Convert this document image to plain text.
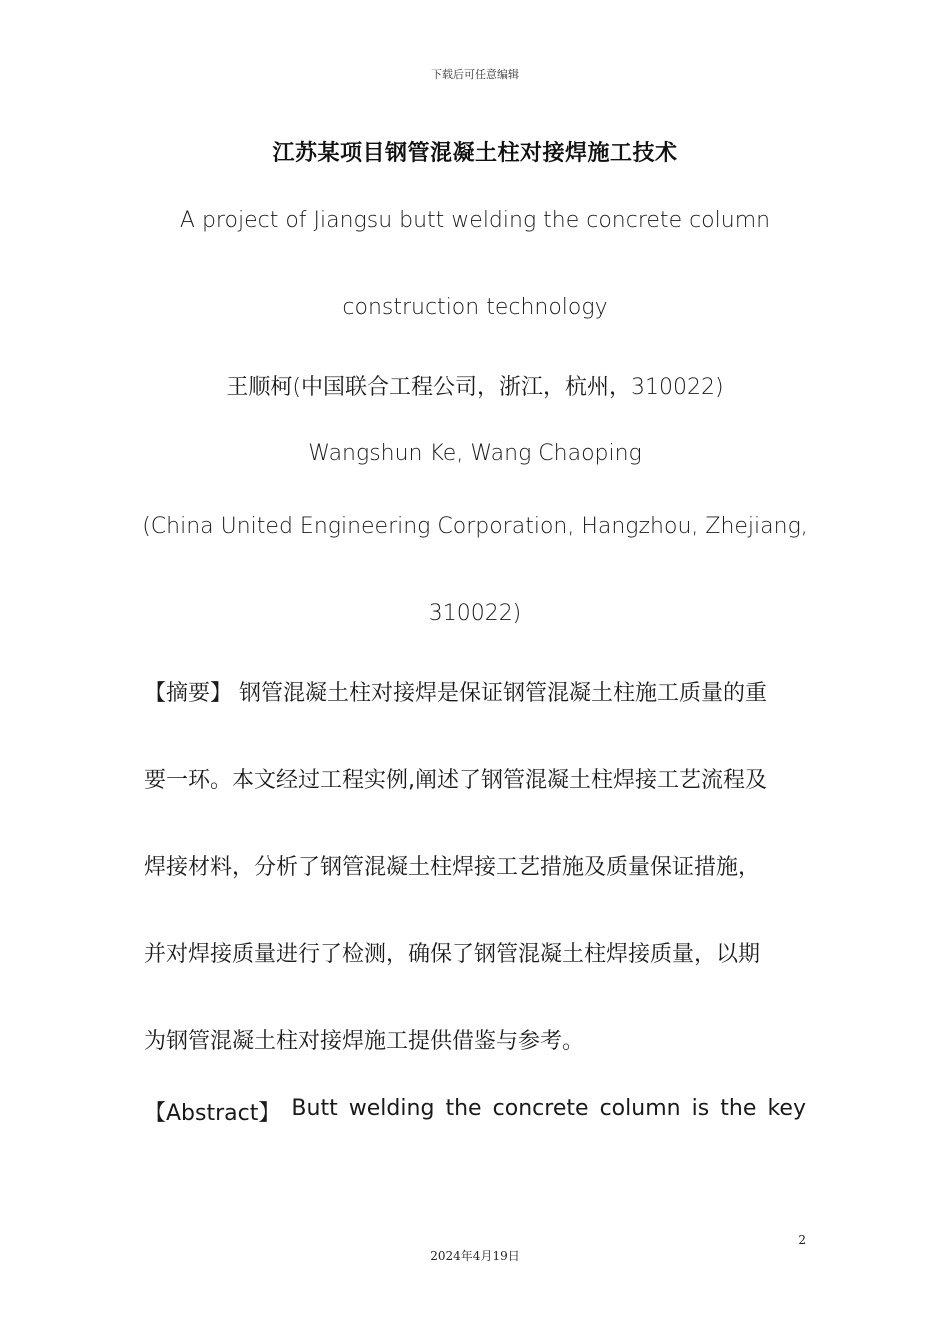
下载后可任意编辑
江苏某项目钢管混凝土柱对接焊施工技术
A project of Jiangsu butt welding the concrete column
construction technology
王顺柯(中国联合工程公司，浙江，杭州，310022)
Wangshun Ke, Wang Chaoping
(China United Engineering Corporation, Hangzhou, Zhejiang,
310022)
【摘要】 钢管混凝土柱对接焊是保证钢管混凝土柱施工质量的重
要一环。本文经过工程实例,阐述了钢管混凝土柱焊接工艺流程及
焊接材料，分析了钢管混凝土柱焊接工艺措施及质量保证措施，
并对焊接质量进行了检测，确保了钢管混凝土柱焊接质量，以期
为钢管混凝土柱对接焊施工提供借鉴与参考。
【Abstract】 Butt welding the concrete column is the key
2
2024年4月19日
